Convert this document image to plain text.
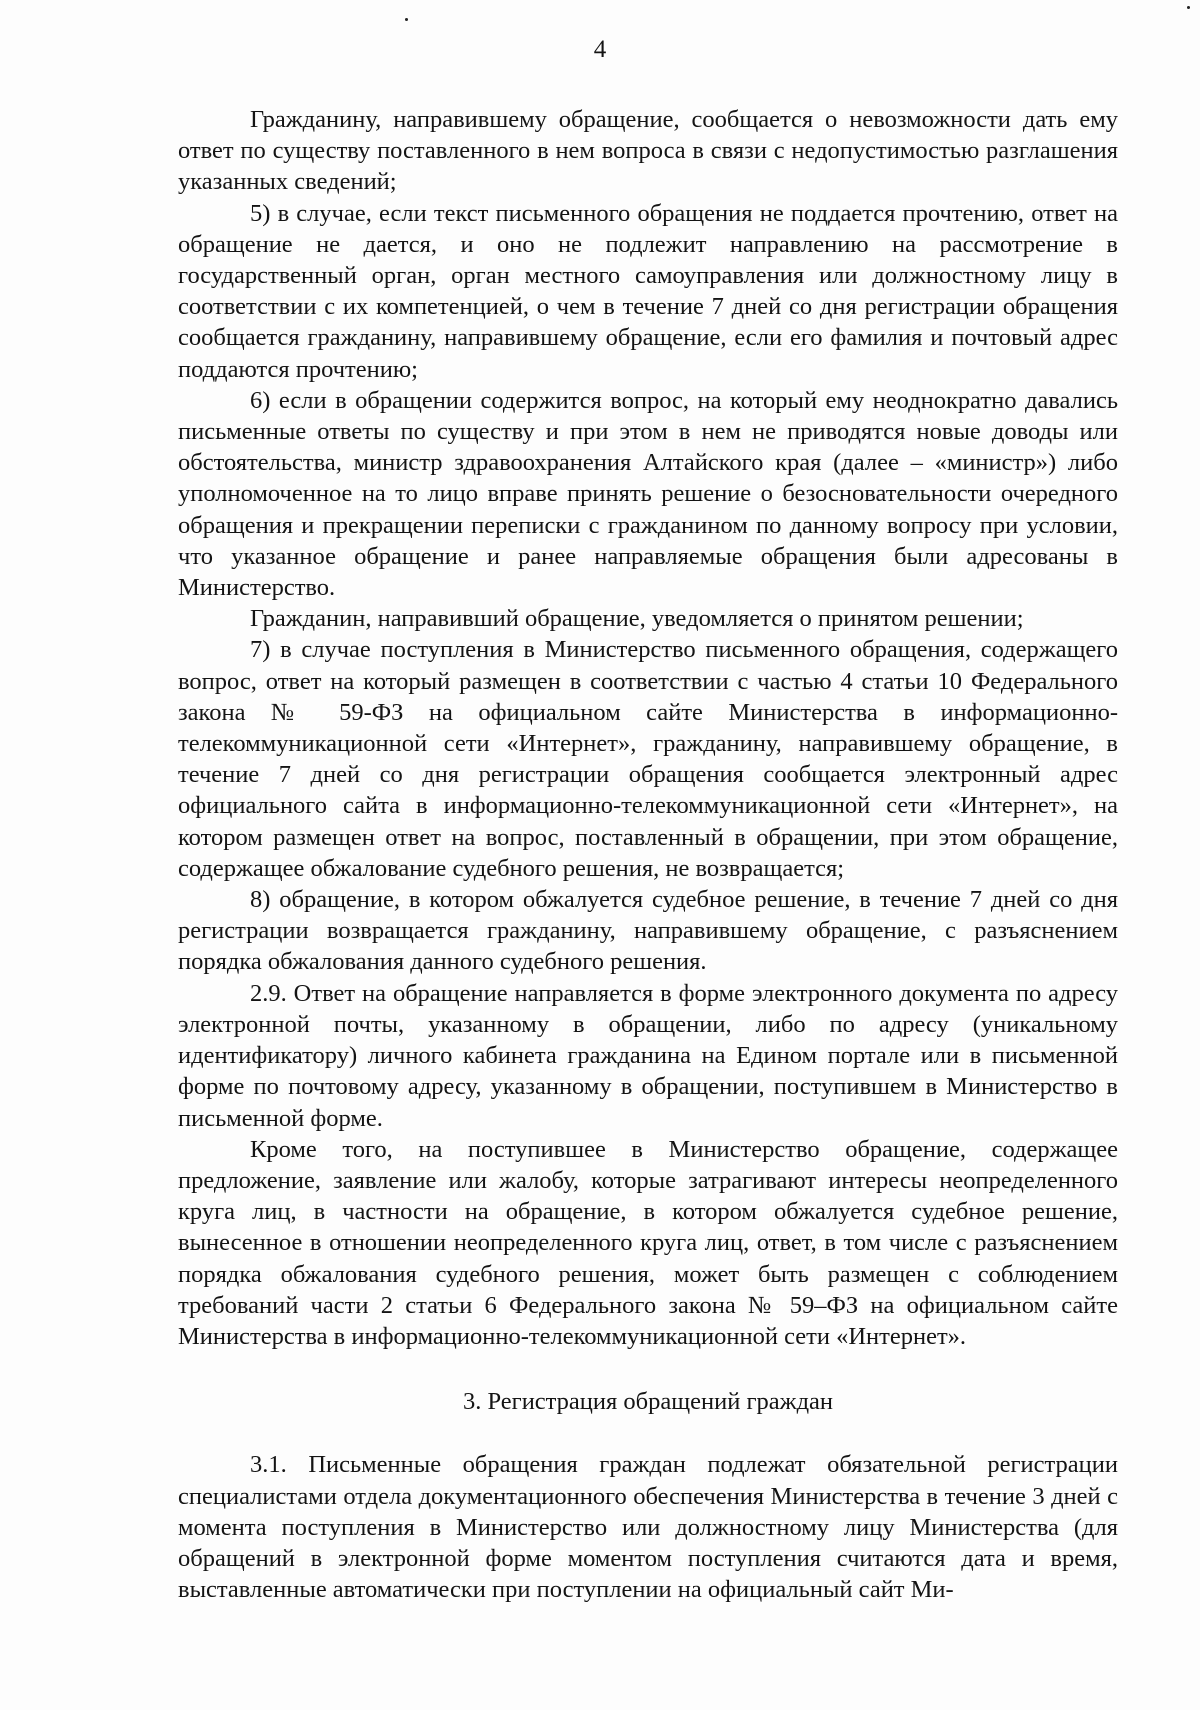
4

Гражданину, направившему обращение, сообщается о невозможности дать ему ответ по существу поставленного в нем вопроса в связи с недопустимостью разглашения указанных сведений;

5) в случае, если текст письменного обращения не поддается прочтению, ответ на обращение не дается, и оно не подлежит направлению на рассмотрение в государственный орган, орган местного самоуправления или должностному лицу в соответствии с их компетенцией, о чем в течение 7 дней со дня регистрации обращения сообщается гражданину, направившему обращение, если его фамилия и почтовый адрес поддаются прочтению;

6) если в обращении содержится вопрос, на который ему неоднократно давались письменные ответы по существу и при этом в нем не приводятся новые доводы или обстоятельства, министр здравоохранения Алтайского края (далее – «министр») либо уполномоченное на то лицо вправе принять решение о безосновательности очередного обращения и прекращении переписки с гражданином по данному вопросу при условии, что указанное обращение и ранее направляемые обращения были адресованы в Министерство.

Гражданин, направивший обращение, уведомляется о принятом решении;

7) в случае поступления в Министерство письменного обращения, содержащего вопрос, ответ на который размещен в соответствии с частью 4 статьи 10 Федерального закона № 59-ФЗ на официальном сайте Министерства в информационно-телекоммуникационной сети «Интернет», гражданину, направившему обращение, в течение 7 дней со дня регистрации обращения сообщается электронный адрес официального сайта в информационно-телекоммуникационной сети «Интернет», на котором размещен ответ на вопрос, поставленный в обращении, при этом обращение, содержащее обжалование судебного решения, не возвращается;

8) обращение, в котором обжалуется судебное решение, в течение 7 дней со дня регистрации возвращается гражданину, направившему обращение, с разъяснением порядка обжалования данного судебного решения.

2.9. Ответ на обращение направляется в форме электронного документа по адресу электронной почты, указанному в обращении, либо по адресу (уникальному идентификатору) личного кабинета гражданина на Едином портале или в письменной форме по почтовому адресу, указанному в обращении, поступившем в Министерство в письменной форме.

Кроме того, на поступившее в Министерство обращение, содержащее предложение, заявление или жалобу, которые затрагивают интересы неопределенного круга лиц, в частности на обращение, в котором обжалуется судебное решение, вынесенное в отношении неопределенного круга лиц, ответ, в том числе с разъяснением порядка обжалования судебного решения, может быть размещен с соблюдением требований части 2 статьи 6 Федерального закона № 59–ФЗ на официальном сайте Министерства в информационно-телекоммуникационной сети «Интернет».

3. Регистрация обращений граждан

3.1. Письменные обращения граждан подлежат обязательной регистрации специалистами отдела документационного обеспечения Министерства в течение 3 дней с момента поступления в Министерство или должностному лицу Министерства (для обращений в электронной форме моментом поступления считаются дата и время, выставленные автоматически при поступлении на официальный сайт Ми-
